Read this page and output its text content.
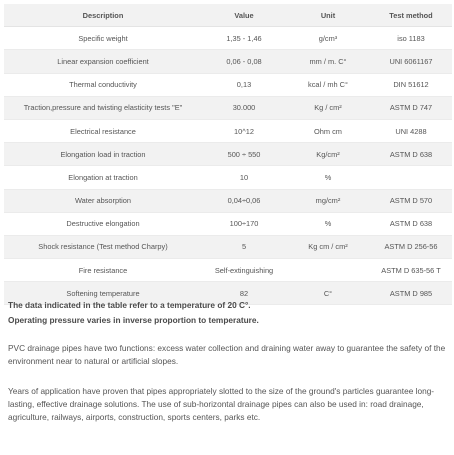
Description	Value	Unit	Test method
Specific weight	1,35 - 1,46	g/cm³	iso 1183
Linear expansion coefficient	0,06 - 0,08	mm / m. C°	UNI 6061167
Thermal conductivity	0,13	kcal / mh C°	DIN 51612
Traction,pressure and twisting elasticity tests "E"	30.000	Kg / cm²	ASTM D 747
Electrical resistance	10^12	Ohm cm	UNI 4288
Elongation load in traction	500 ÷ 550	Kg/cm²	ASTM D 638
Elongation at traction	10	%	
Water absorption	0,04÷0,06	mg/cm²	ASTM D 570
Destructive elongation	100÷170	%	ASTM D 638
Shock resistance (Test method Charpy)	5	Kg cm / cm²	ASTM D 256-56
Fire resistance	Self-extinguishing		ASTM D 635-56 T
Softening temperature	82	C°	ASTM D 985
The data indicated in the table refer to a temperature of 20 C°.
Operating pressure varies in inverse proportion to temperature.

PVC drainage pipes have two functions: excess water collection and draining water away to guarantee the safety of the environment near to natural or artificial slopes.

Years of application have proven that pipes appropriately slotted to the size of the ground's particles guarantee long-lasting, effective drainage solutions. The use of sub-horizontal drainage pipes can also be used in: road drainage, agriculture, railways, airports, construction, sports centers, parks etc.
